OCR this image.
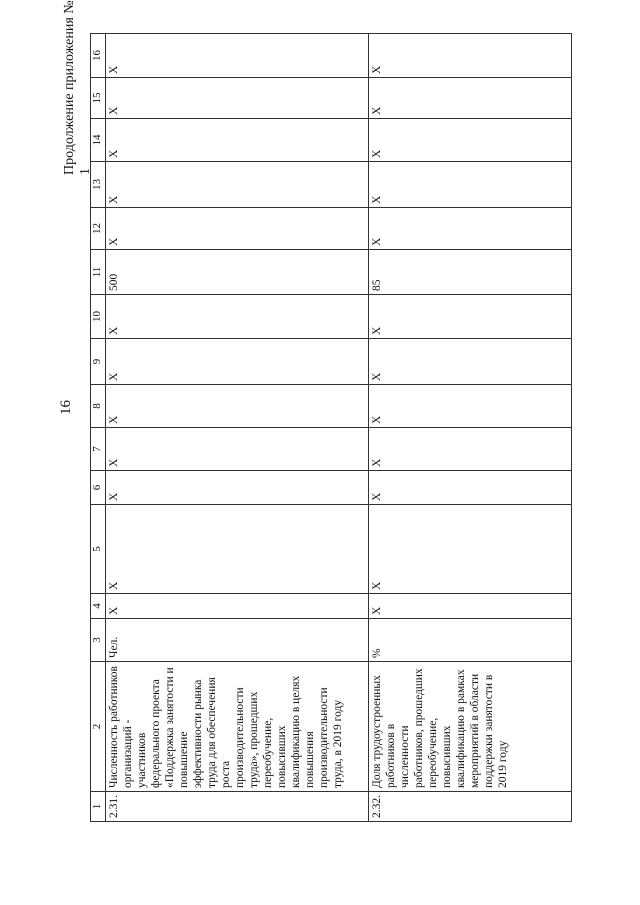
16
Продолжение приложения № 1
1	2	3	4	5	6	7	8	9	10	11	12	13	14	15	16
2.31.	Численность работников организаций - участников федерального проекта «Поддержка занятости и повышение эффективности рынка труда для обеспечения роста производительности труда», прошедших переобучение, повысивших квалификацию в целях повышения производительности труда, в 2019 году	Чел.	X	X	X	X	X	X	X	500	X	X	X	X	X
2.32.	Доля трудоустроенных работников в численности работников, прошедших переобучение, повысивших квалификацию в рамках мероприятий в области поддержки занятости в 2019 году	%	X	X	X	X	X	X	X	85	X	X	X	X	X
